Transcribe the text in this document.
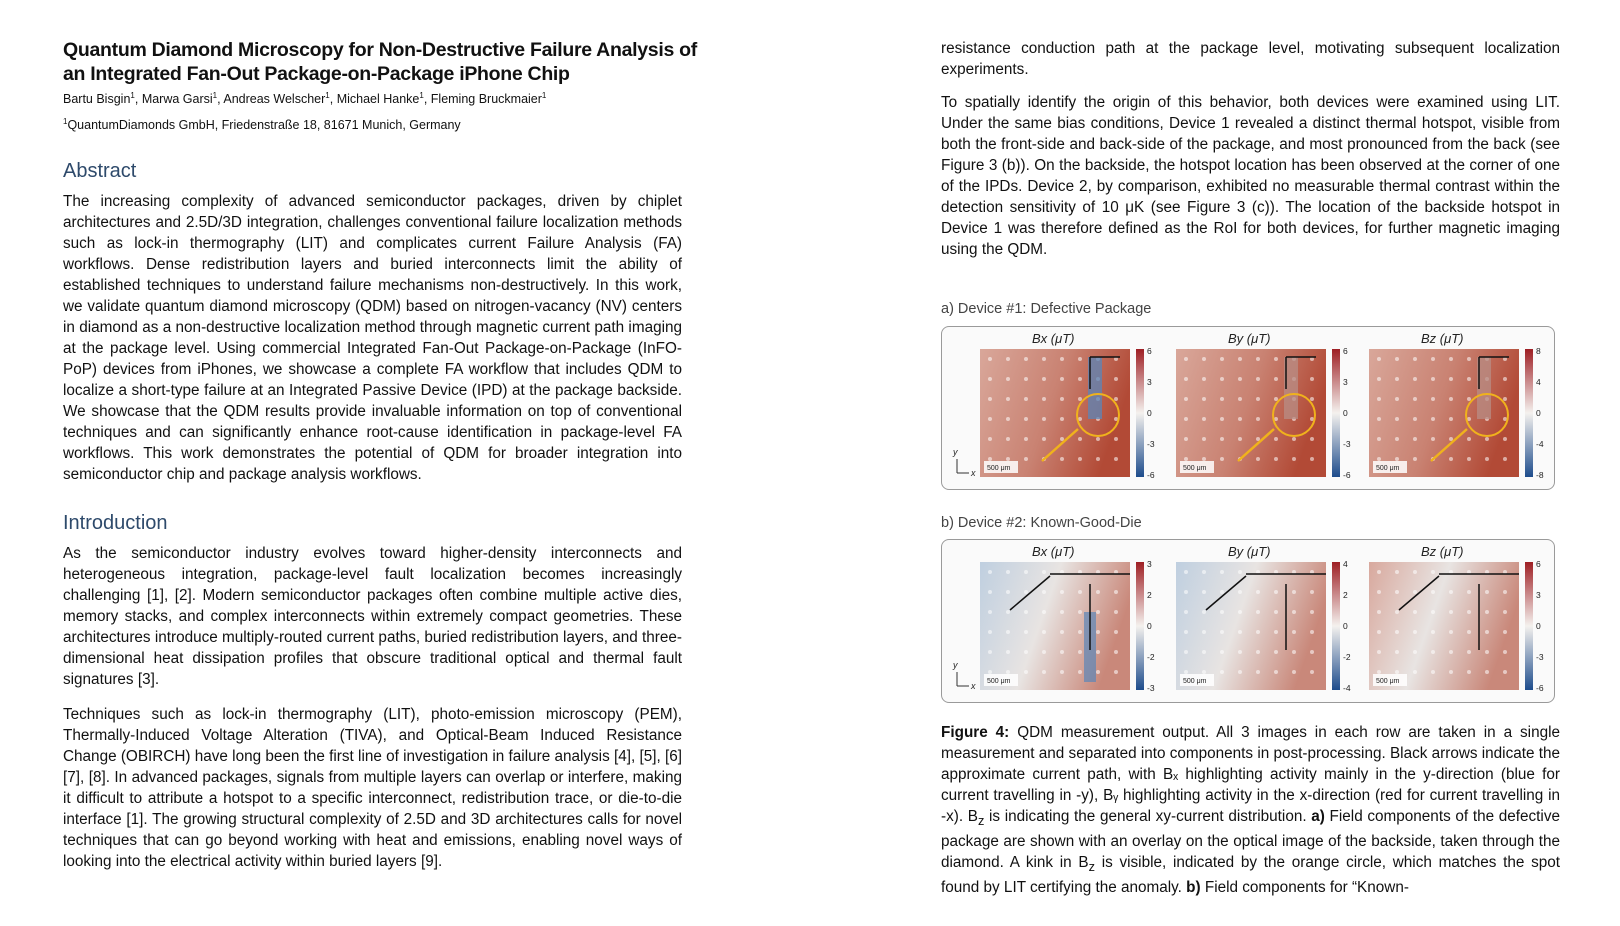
Quantum Diamond Microscopy for Non-Destructive Failure Analysis of an Integrated Fan-Out Package-on-Package iPhone Chip

Bartu Bisgin$^1$, Marwa Garsi$^1$, Andreas Welscher$^1$, Michael Hanke$^1$, Fleming Bruckmaier$^1$

$^1$QuantumDiamonds GmbH, Friedenstraße 18, 81671 Munich, Germany

Abstract

The increasing complexity of advanced semiconductor packages, driven by chiplet architectures and 2.5D/3D integration, challenges conventional failure localization methods such as lock-in thermography (LIT) and complicates current Failure Analysis (FA) workflows. Dense redistribution layers and buried interconnects limit the ability of established techniques to understand failure mechanisms non-destructively. In this work, we validate quantum diamond microscopy (QDM) based on nitrogen-vacancy (NV) centers in diamond as a non-destructive localization method through magnetic current path imaging at the package level. Using commercial Integrated Fan-Out Package-on-Package (InFO-PoP) devices from iPhones, we showcase a complete FA workflow that includes QDM to localize a short-type failure at an Integrated Passive Device (IPD) at the package backside. We showcase that the QDM results provide invaluable information on top of conventional techniques and can significantly enhance root-cause identification in package-level FA workflows. This work demonstrates the potential of QDM for broader integration into semiconductor chip and package analysis workflows.

Introduction

As the semiconductor industry evolves toward higher-density interconnects and heterogeneous integration, package-level fault localization becomes increasingly challenging [1], [2]. Modern semiconductor packages often combine multiple active dies, memory stacks, and complex interconnects within extremely compact geometries. These architectures introduce multiply-routed current paths, buried redistribution layers, and three-dimensional heat dissipation profiles that obscure traditional optical and thermal fault signatures [3].

Techniques such as lock-in thermography (LIT), photo-emission microscopy (PEM), Thermally-Induced Voltage Alteration (TIVA), and Optical-Beam Induced Resistance Change (OBIRCH) have long been the first line of investigation in failure analysis [4], [5], [6] [7], [8]. In advanced packages, signals from multiple layers can overlap or interfere, making it difficult to attribute a hotspot to a specific interconnect, redistribution trace, or die-to-die interface [1]. The growing structural complexity of 2.5D and 3D architectures calls for novel techniques that can go beyond working with heat and emissions, enabling novel ways of looking into the electrical activity within buried layers [9].

resistance conduction path at the package level, motivating subsequent localization experiments.

To spatially identify the origin of this behavior, both devices were examined using LIT. Under the same bias conditions, Device 1 revealed a distinct thermal hotspot, visible from both the front-side and back-side of the package, and most pronounced from the back (see Figure 3 (b)). On the backside, the hotspot location has been observed at the corner of one of the IPDs. Device 2, by comparison, exhibited no measurable thermal contrast within the detection sensitivity of 10 μK (see Figure 3 (c)). The location of the backside hotspot in Device 1 was therefore defined as the RoI for both devices, for further magnetic imaging using the QDM.

a) Device #1: Defective Package

500 μm
Bx (μT)
6
3
0
-3
-6
500 μm
By (μT)
6
3
0
-3
-6
500 μm
Bz (μT)
8
4
0
-4
-8
y
x

b) Device #2: Known-Good-Die

500 μm
Bx (μT)
3
2
0
-2
-3
500 μm
By (μT)
4
2
0
-2
-4
500 μm
Bz (μT)
6
3
0
-3
-6
y
x

Figure 4: QDM measurement output. All 3 images in each row are taken in a single measurement and separated into components in post-processing. Black arrows indicate the approximate current path, with Bₓ highlighting activity mainly in the y-direction (blue for current travelling in -y), Bᵧ highlighting activity in the x-direction (red for current travelling in -x). $B_z$ is indicating the general xy-current distribution. a) Field components of the defective package are shown with an overlay on the optical image of the backside, taken through the diamond. A kink in $B_z$ is visible, indicated by the orange circle, which matches the spot found by LIT certifying the anomaly. b) Field components for “Known-
